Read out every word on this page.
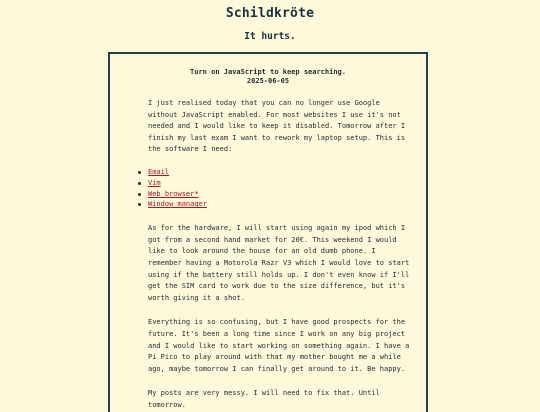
Schildkröte
It hurts.
Turn on JavaScript to keep searching.
2025-06-05

I just realised today that you can no longer use Google without JavaScript enabled. For most websites I use it's not needed and I would like to keep it disabled. Tomorrow after I finish my last exam I want to rework my laptop setup. This is the software I need:

Email
Vim
Web browser*
Window manager

As for the hardware, I will start using again my ipod which I got from a second hand market for 20€. This weekend I would like to look around the house for an old dumb phone. I remember having a Motorola Razr V3 which I would love to start using if the battery still holds up. I don't even know if I'll get the SIM card to work due to the size difference, but it's worth giving it a shot.

Everything is so confusing, but I have good prospects for the future. It's been a long time since I work on any big project and I would like to start working on something again. I have a Pi Pico to play around with that my mother bought me a while ago, maybe tomorrow I can finally get around to it. Be happy.

My posts are very messy. I will need to fix that. Until tomorrow.
